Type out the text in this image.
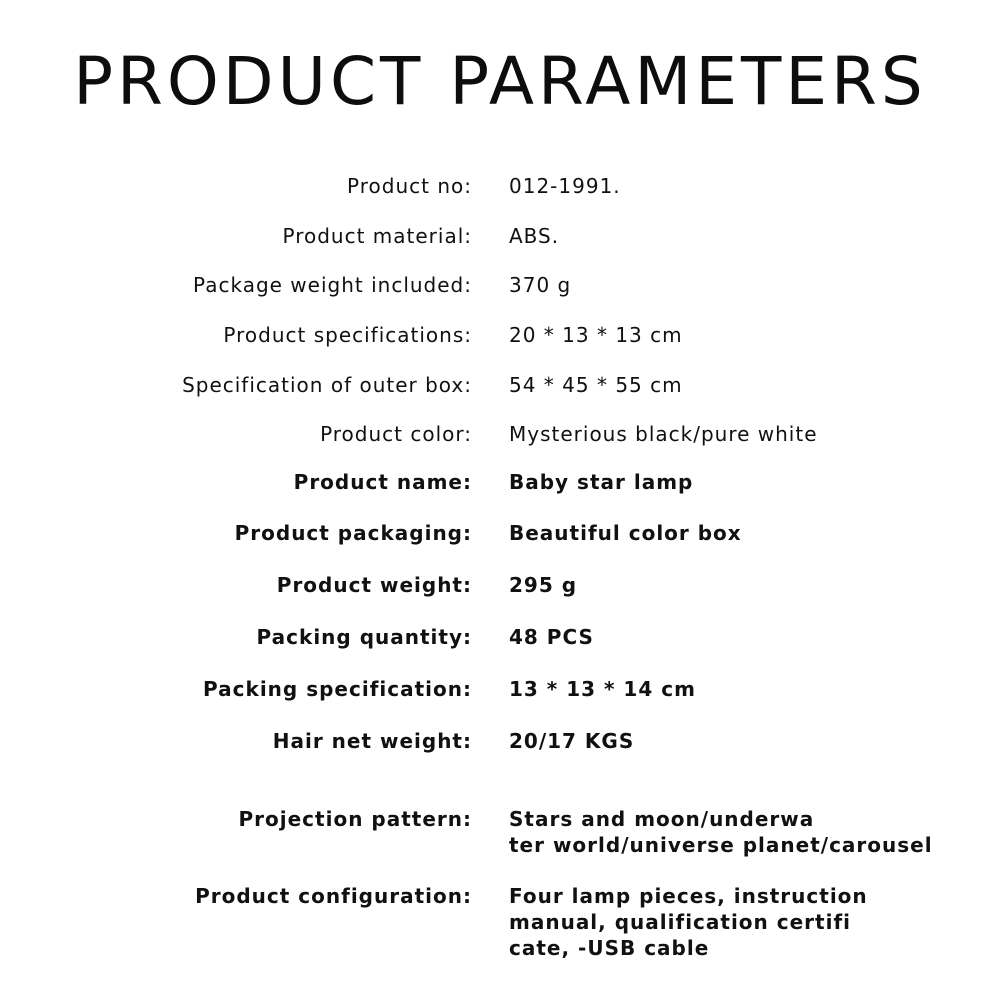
PRODUCT PARAMETERS
Product no: 012-1991.
Product material: ABS.
Package weight included: 370 g
Product specifications: 20 * 13 * 13 cm
Specification of outer box: 54 * 45 * 55 cm
Product color: Mysterious black/pure white
Product name: Baby star lamp
Product packaging: Beautiful color box
Product weight: 295 g
Packing quantity: 48 PCS
Packing specification: 13 * 13 * 14 cm
Hair net weight: 20/17 KGS
Projection pattern: Stars and moon/underwa
ter world/universe planet/carousel
Product configuration: Four lamp pieces, instruction
manual, qualification certifi
cate, -USB cable
